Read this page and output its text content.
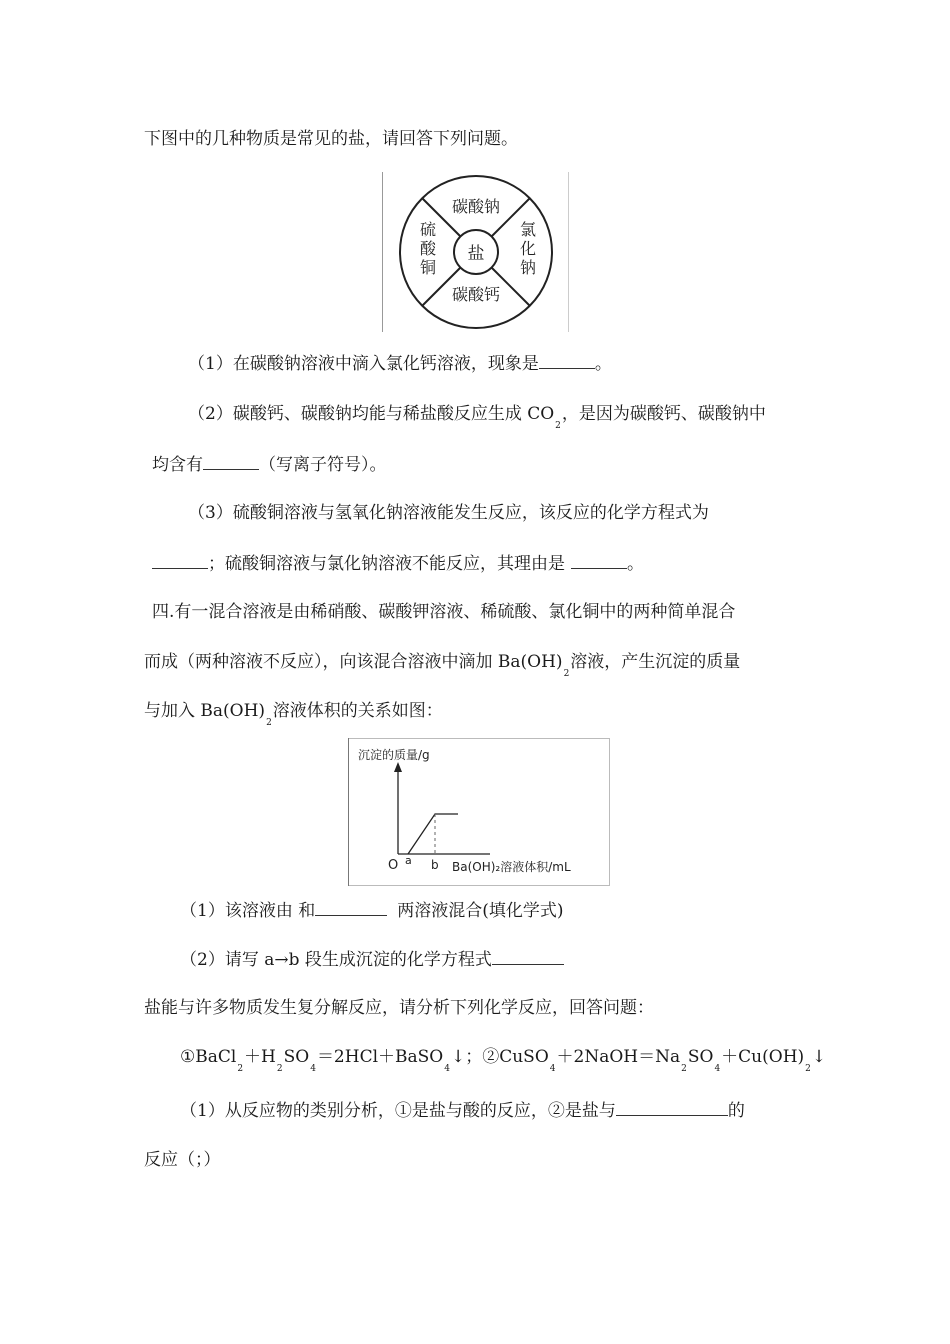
下图中的几种物质是常见的盐，请回答下列问题。
盐
碳酸钠
碳酸钙
氯
化
钠
硫
酸
铜
（1）在碳酸钠溶液中滴入氯化钙溶液，现象是	。
（2）碳酸钙、碳酸钠均能与稀盐酸反应生成 $CO_2$，是因为碳酸钙、碳酸钠中
均含有	（写离子符号）。
（3）硫酸铜溶液与氢氧化钠溶液能发生反应，该反应的化学方程式为
；硫酸铜溶液与氯化钠溶液不能反应，其理由是	。
四.有一混合溶液是由稀硝酸、碳酸钾溶液、稀硫酸、氯化铜中的两种简单混合
而成（两种溶液不反应），向该混合溶液中滴加 $Ba(OH)_2$溶液，产生沉淀的质量
与加入 $Ba(OH)_2$溶液体积的关系如图：
沉淀的质量/g
O a b Ba(OH)₂溶液体积/mL
（1）该溶液由 和	两溶液混合(填化学式)
（2）请写 a→b 段生成沉淀的化学方程式
盐能与许多物质发生复分解反应，请分析下列化学反应，回答问题：
$①BaCl_2+H_2SO_4=2HCl+BaSO_4↓$；$②CuSO_4+2NaOH=Na_2SO_4+Cu(OH)_2↓$
（1）从反应物的类别分析，①是盐与酸的反应，②是盐与	的
反应（；）
